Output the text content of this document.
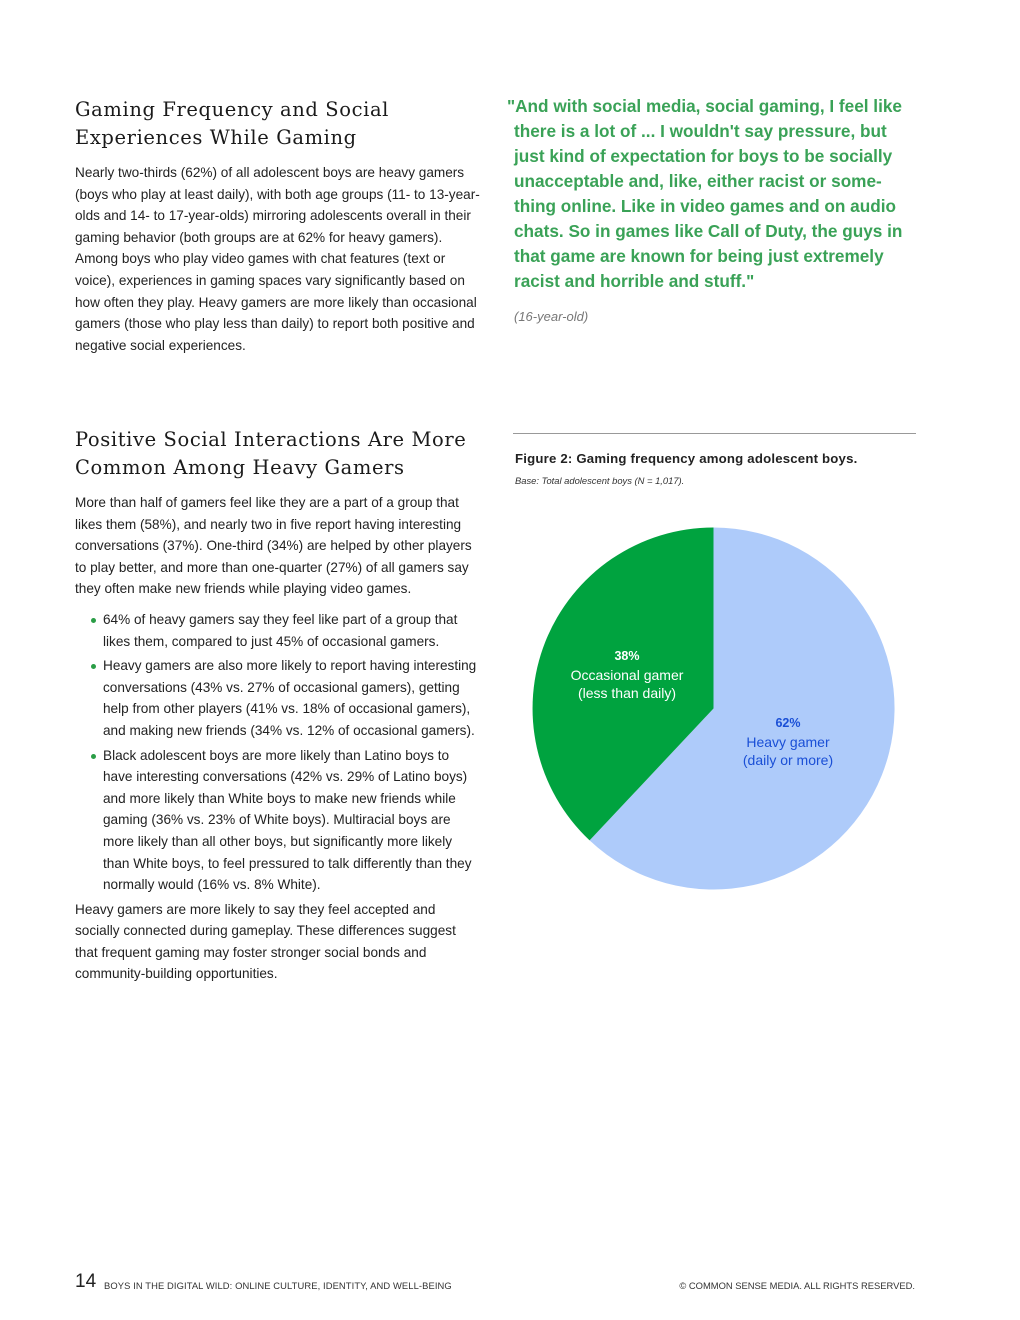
Gaming Frequency and Social
Experiences While Gaming

Nearly two-thirds (62%) of all adolescent boys are heavy gamers (boys who play at least daily), with both age groups (11- to 13-year-olds and 14- to 17-year-olds) mirroring adolescents overall in their gaming behavior (both groups are at 62% for heavy gamers). Among boys who play video games with chat features (text or voice), experiences in gaming spaces vary significantly based on how often they play. Heavy gamers are more likely than occasional gamers (those who play less than daily) to report both positive and negative social experiences.

Positive Social Interactions Are More
Common Among Heavy Gamers

More than half of gamers feel like they are a part of a group that likes them (58%), and nearly two in five report having interesting conversations (37%). One-third (34%) are helped by other players to play better, and more than one-quarter (27%) of all gamers say they often make new friends while playing video games.

64% of heavy gamers say they feel like part of a group that likes them, compared to just 45% of occasional gamers.
Heavy gamers are also more likely to report having interesting conversations (43% vs. 27% of occasional gamers), getting help from other players (41% vs. 18% of occasional gamers), and making new friends (34% vs. 12% of occasional gamers).
Black adolescent boys are more likely than Latino boys to have interesting conversations (42% vs. 29% of Latino boys) and more likely than White boys to make new friends while gaming (36% vs. 23% of White boys). Multiracial boys are more likely than all other boys, but significantly more likely than White boys, to feel pressured to talk differently than they normally would (16% vs. 8% White).

Heavy gamers are more likely to say they feel accepted and socially connected during gameplay. These differences suggest that frequent gaming may foster stronger social bonds and community-building opportunities.

"And with social media, social gaming, I feel like there is a lot of ... I wouldn't say pressure, but just kind of expectation for boys to be socially unacceptable and, like, either racist or something online. Like in video games and on audio chats. So in games like Call of Duty, the guys in that game are known for being just extremely racist and horrible and stuff."
(16-year-old)
Figure 2: Gaming frequency among adolescent boys.
Base: Total adolescent boys (N = 1,017).
38%
Occasional gamer
(less than daily)
62%
Heavy gamer
(daily or more)
14 BOYS IN THE DIGITAL WILD: ONLINE CULTURE, IDENTITY, AND WELL-BEING	© COMMON SENSE MEDIA. ALL RIGHTS RESERVED.
